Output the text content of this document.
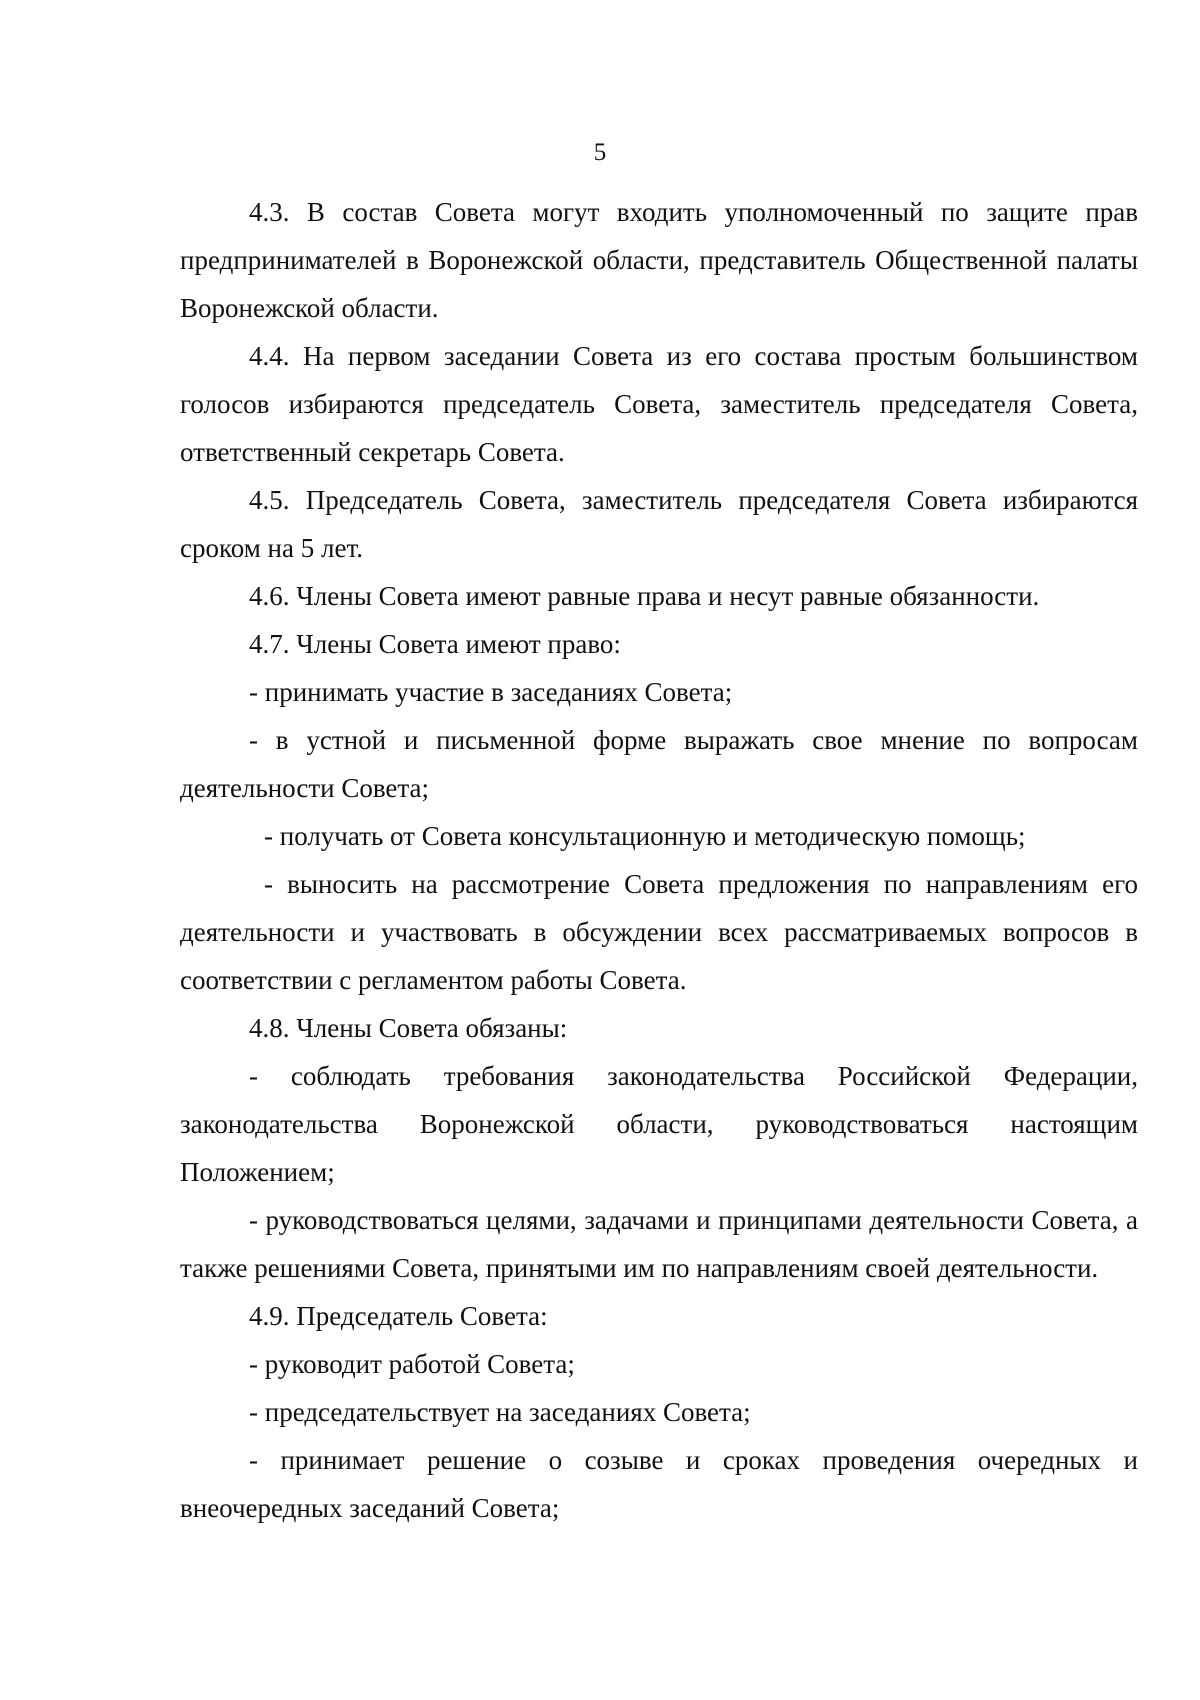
5

4.3. В состав Совета могут входить уполномоченный по защите прав предпринимателей в Воронежской области, представитель Общественной палаты Воронежской области.

4.4. На первом заседании Совета из его состава простым большинством голосов избираются председатель Совета, заместитель председателя Совета, ответственный секретарь Совета.

4.5. Председатель Совета, заместитель председателя Совета избираются сроком на 5 лет.

4.6. Члены Совета имеют равные права и несут равные обязанности.

4.7. Члены Совета имеют право:

- принимать участие в заседаниях Совета;

- в устной и письменной форме выражать свое мнение по вопросам деятельности Совета;

- получать от Совета консультационную и методическую помощь;

- выносить на рассмотрение Совета предложения по направлениям его деятельности и участвовать в обсуждении всех рассматриваемых вопросов в соответствии с регламентом работы Совета.

4.8. Члены Совета обязаны:

- соблюдать требования законодательства Российской Федерации, законодательства Воронежской области, руководствоваться настоящим Положением;

- руководствоваться целями, задачами и принципами деятельности Совета, а также решениями Совета, принятыми им по направлениям своей деятельности.

4.9. Председатель Совета:

- руководит работой Совета;

- председательствует на заседаниях Совета;

- принимает решение о созыве и сроках проведения очередных и внеочередных заседаний Совета;
